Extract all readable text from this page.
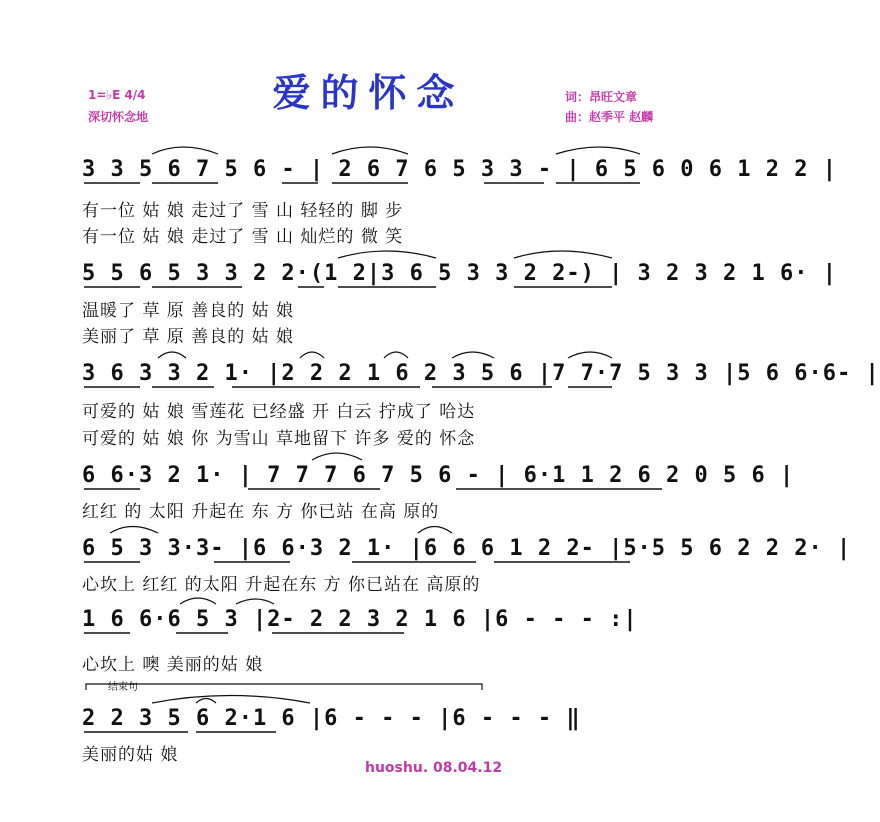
爱的怀念
1=♭E 4/4
深切怀念地
词：昂旺文章
曲：赵季平 赵麟
3 3 5 6 7 5 6 - | 2 6 7 6 5 3 3 - | 6 5 6 0 6 1 2 2 |
有一位 姑 娘 走过了 雪 山 轻轻的 脚 步
有一位 姑 娘 走过了 雪 山 灿烂的 微 笑
5 5 6 5 3 3 2 2·(1 2|3 6 5 3 3 2 2-) | 3 2 3 2 1 6· |
温暖了 草 原 善良的 姑 娘
美丽了 草 原 善良的 姑 娘
3 6 3 3 2 1· |2 2 2 1 6 2 3 5 6 |7 7·7 5 3 3 |5 6 6·6- |
可爱的 姑 娘 雪莲花 已经盛 开 白云 拧成了 哈达
可爱的 姑 娘 你 为雪山 草地留下 许多 爱的 怀念
6 6·3 2 1· | 7 7 7 6 7 5 6 - | 6·1 1 2 6 2 0 5 6 |
红红 的 太阳 升起在 东 方 你已站 在高 原的
6 5 3 3·3- |6 6·3 2 1· |6 6 6 1 2 2- |5·5 5 6 2 2 2· |
心坎上 红红 的太阳 升起在东 方 你已站在 高原的
1 6 6·6 5 3 |2- 2 2 3 2 1 6 |6 - - - :|
心坎上 噢 美丽的姑 娘
结束句
2 2 3 5 6 2·1 6 |6 - - - |6 - - - ‖
美丽的姑 娘
huoshu. 08.04.12
